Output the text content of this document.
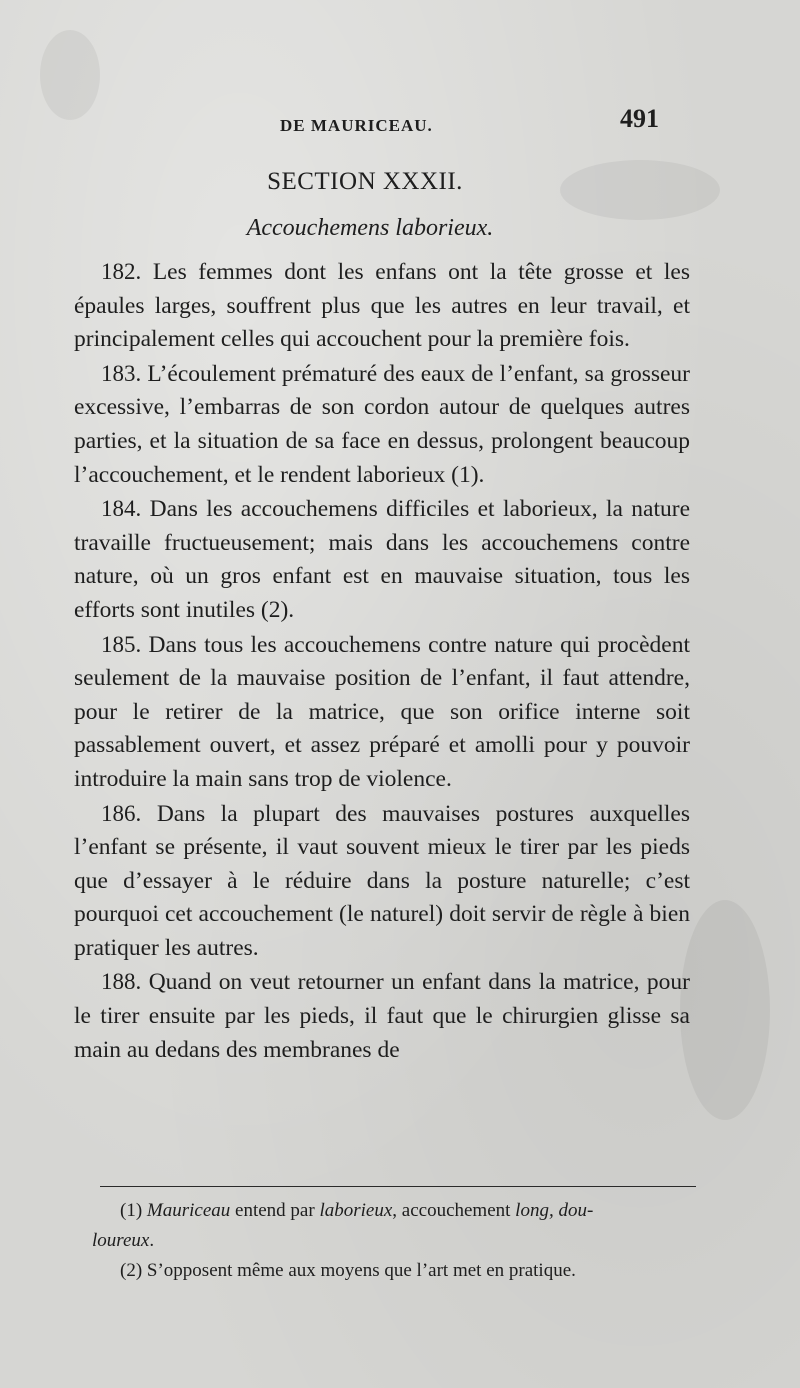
DE MAURICEAU.	491
SECTION XXXII.
Accouchemens laborieux.

182. Les femmes dont les enfans ont la tête grosse et les épaules larges, souffrent plus que les autres en leur travail, et principalement celles qui accouchent pour la première fois.

183. L’écoulement prématuré des eaux de l’enfant, sa grosseur excessive, l’embarras de son cordon autour de quelques autres parties, et la situation de sa face en dessus, prolongent beaucoup l’accouchement, et le rendent laborieux (1).

184. Dans les accouchemens difficiles et laborieux, la nature travaille fructueusement; mais dans les accouchemens contre nature, où un gros enfant est en mauvaise situation, tous les efforts sont inutiles (2).

185. Dans tous les accouchemens contre nature qui procèdent seulement de la mauvaise position de l’enfant, il faut attendre, pour le retirer de la matrice, que son orifice interne soit passablement ouvert, et assez préparé et amolli pour y pouvoir introduire la main sans trop de violence.

186. Dans la plupart des mauvaises postures auxquelles l’enfant se présente, il vaut souvent mieux le tirer par les pieds que d’essayer à le réduire dans la posture naturelle; c’est pourquoi cet accouchement (le naturel) doit servir de règle à bien pratiquer les autres.

188. Quand on veut retourner un enfant dans la matrice, pour le tirer ensuite par les pieds, il faut que le chirurgien glisse sa main au dedans des membranes de

(1) Mauriceau entend par laborieux, accouchement long, dou-
loureux.

(2) S’opposent même aux moyens que l’art met en pratique.
